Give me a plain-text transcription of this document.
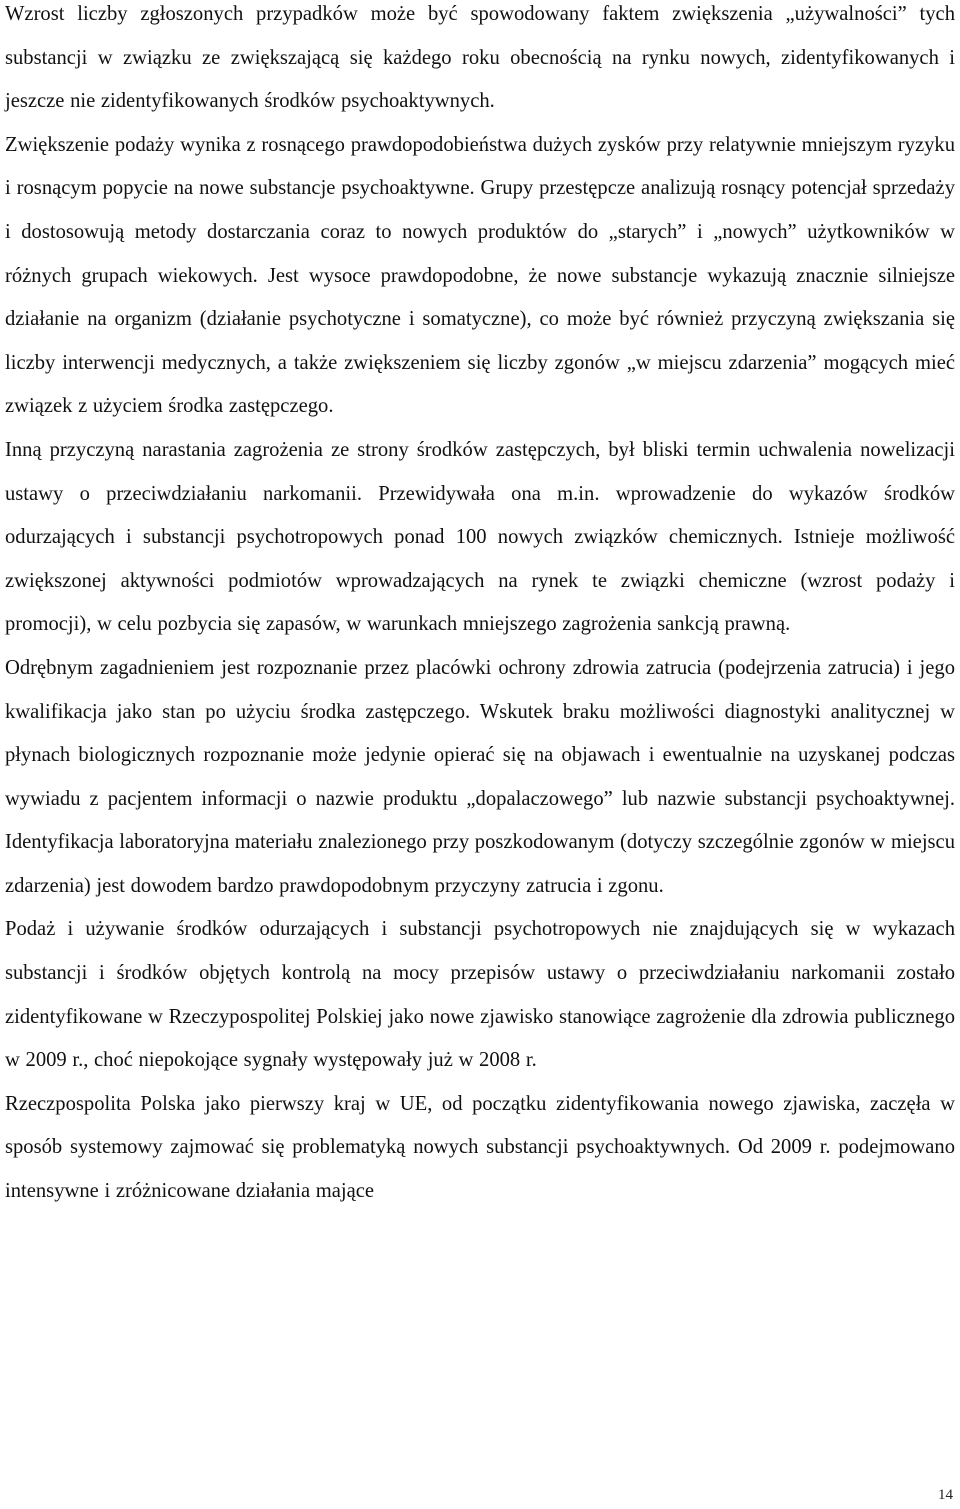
Wzrost liczby zgłoszonych przypadków może być spowodowany faktem zwiększenia „używalności” tych substancji w związku ze zwiększającą się każdego roku obecnością na rynku nowych, zidentyfikowanych i jeszcze nie zidentyfikowanych środków psychoaktywnych.

Zwiększenie podaży wynika z rosnącego prawdopodobieństwa dużych zysków przy relatywnie mniejszym ryzyku i rosnącym popycie na nowe substancje psychoaktywne. Grupy przestępcze analizują rosnący potencjał sprzedaży i dostosowują metody dostarczania coraz to nowych produktów do „starych” i „nowych” użytkowników w różnych grupach wiekowych. Jest wysoce prawdopodobne, że nowe substancje wykazują znacznie silniejsze działanie na organizm (działanie psychotyczne i somatyczne), co może być również przyczyną zwiększania się liczby interwencji medycznych, a także zwiększeniem się liczby zgonów „w miejscu zdarzenia” mogących mieć związek z użyciem środka zastępczego.

Inną przyczyną narastania zagrożenia ze strony środków zastępczych, był bliski termin uchwalenia nowelizacji ustawy o przeciwdziałaniu narkomanii. Przewidywała ona m.in. wprowadzenie do wykazów środków odurzających i substancji psychotropowych ponad 100 nowych związków chemicznych. Istnieje możliwość zwiększonej aktywności podmiotów wprowadzających na rynek te związki chemiczne (wzrost podaży i promocji), w celu pozbycia się zapasów, w warunkach mniejszego zagrożenia sankcją prawną.

Odrębnym zagadnieniem jest rozpoznanie przez placówki ochrony zdrowia zatrucia (podejrzenia zatrucia) i jego kwalifikacja jako stan po użyciu środka zastępczego. Wskutek braku możliwości diagnostyki analitycznej w płynach biologicznych rozpoznanie może jedynie opierać się na objawach i ewentualnie na uzyskanej podczas wywiadu z pacjentem informacji o nazwie produktu „dopalaczowego” lub nazwie substancji psychoaktywnej. Identyfikacja laboratoryjna materiału znalezionego przy poszkodowanym (dotyczy szczególnie zgonów w miejscu zdarzenia) jest dowodem bardzo prawdopodobnym przyczyny zatrucia i zgonu.

Podaż i używanie środków odurzających i substancji psychotropowych nie znajdujących się w wykazach substancji i środków objętych kontrolą na mocy przepisów ustawy o przeciwdziałaniu narkomanii zostało zidentyfikowane w Rzeczypospolitej Polskiej jako nowe zjawisko stanowiące zagrożenie dla zdrowia publicznego w 2009 r., choć niepokojące sygnały występowały już w 2008 r.

Rzeczpospolita Polska jako pierwszy kraj w UE, od początku zidentyfikowania nowego zjawiska, zaczęła w sposób systemowy zajmować się problematyką nowych substancji psychoaktywnych. Od 2009 r. podejmowano intensywne i zróżnicowane działania mające

14
